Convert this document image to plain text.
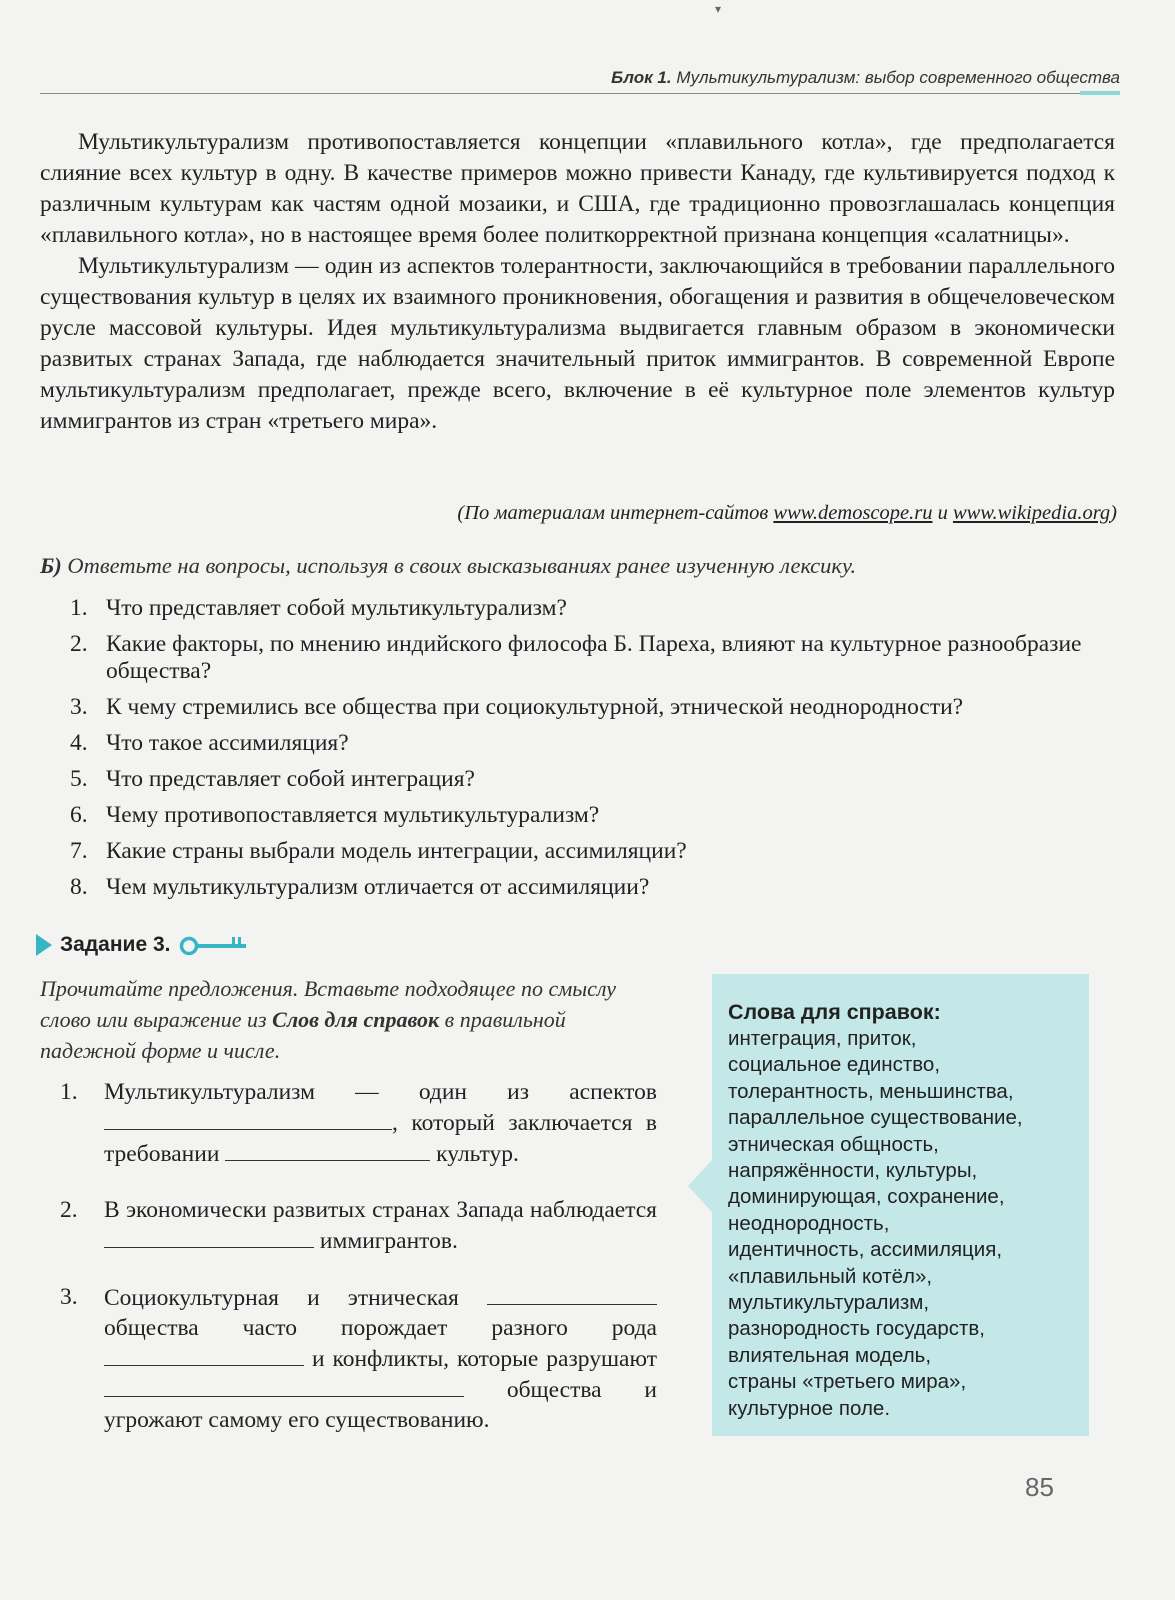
▾
Блок 1. Мультикультурализм: выбор современного общества

Мультикультурализм противопоставляется концепции «плавильного котла», где предполагается слияние всех культур в одну. В качестве примеров можно привести Канаду, где культивируется подход к различным культурам как частям одной мозаики, и США, где традиционно провозглашалась концепция «плавильного котла», но в настоящее время более политкорректной признана концепция «салатницы».

Мультикультурализм — один из аспектов толерантности, заключающийся в требовании параллельного существования культур в целях их взаимного проникновения, обогащения и развития в общечеловеческом русле массовой культуры. Идея мультикультурализма выдвигается главным образом в экономически развитых странах Запада, где наблюдается значительный приток иммигрантов. В современной Европе мультикультурализм предполагает, прежде всего, включение в её культурное поле элементов культур иммигрантов из стран «третьего мира».

(По материалам интернет-сайтов www.demoscope.ru и www.wikipedia.org)
Б) Ответьте на вопросы, используя в своих высказываниях ранее изученную лексику.
1. Что представляет собой мультикультурализм?
2. Какие факторы, по мнению индийского философа Б. Пареха, влияют на культурное разнообразие общества?
3. К чему стремились все общества при социокультурной, этнической неоднородности?
4. Что такое ассимиляция?
5. Что представляет собой интеграция?
6. Чему противопоставляется мультикультурализм?
7. Какие страны выбрали модель интеграции, ассимиляции?
8. Чем мультикультурализм отличается от ассимиляции?
Задание 3.
Прочитайте предложения. Вставьте подходящее по смыслу слово или выражение из Слов для справок в правильной падежной форме и числе.
1.	Мультикультурализм — один из аспектов , который заключается в требовании	культур.
2.	В экономически развитых странах Запада наблюдается  иммигрантов.
3.	Социокультурная и этническая  общества часто порождает разного рода  и конфликты, которые разрушают  общества и угрожают самому его существованию.
Слова для справок:
интеграция, приток,
социальное единство,
толерантность, меньшинства,
параллельное существование,
этническая общность,
напряжённости, культуры,
доминирующая, сохранение,
неоднородность,
идентичность, ассимиляция,
«плавильный котёл»,
мультикультурализм,
разнородность государств,
влиятельная модель,
страны «третьего мира»,
культурное поле.
85
